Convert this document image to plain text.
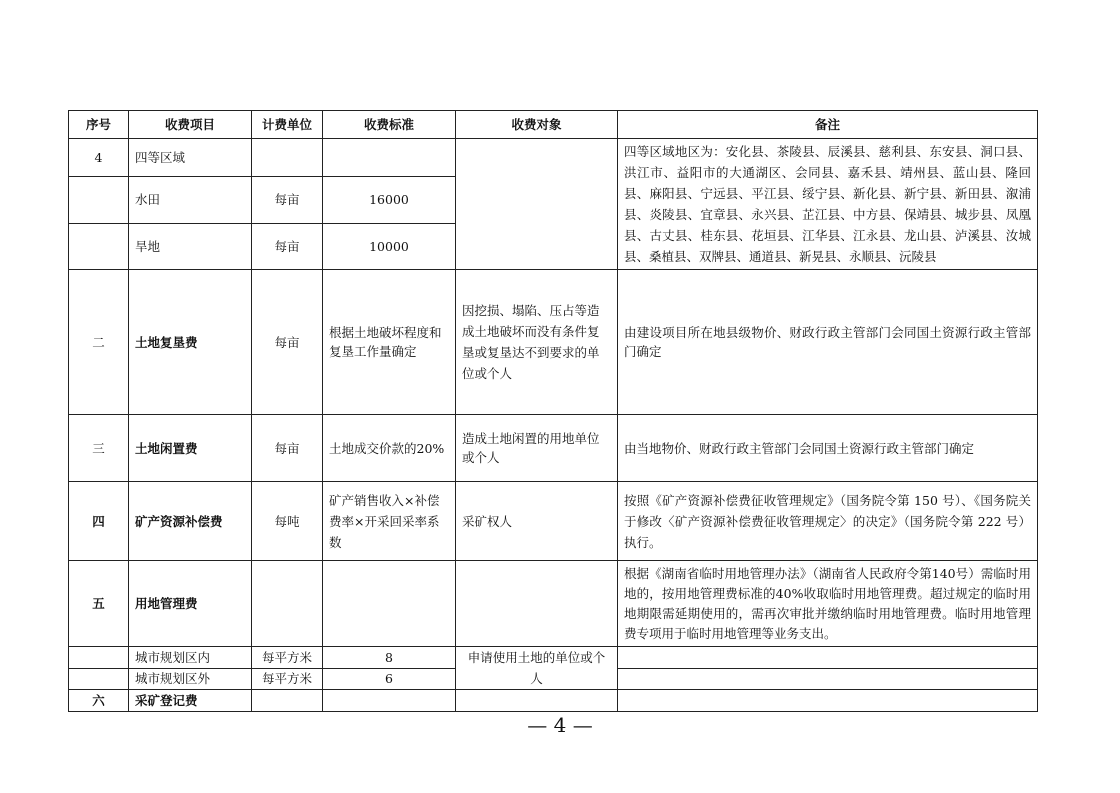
序号	收费项目	计费单位	收费标准	收费对象	备注
4	四等区域				四等区域地区为：安化县、茶陵县、辰溪县、慈利县、东安县、洞口县、洪江市、益阳市的大通湖区、会同县、嘉禾县、靖州县、蓝山县、隆回县、麻阳县、宁远县、平江县、绥宁县、新化县、新宁县、新田县、溆浦县、炎陵县、宜章县、永兴县、芷江县、中方县、保靖县、城步县、凤凰县、古丈县、桂东县、花垣县、江华县、江永县、龙山县、泸溪县、汝城县、桑植县、双牌县、通道县、新晃县、永顺县、沅陵县
	水田	每亩	16000		
	旱地	每亩	10000		
二	土地复垦费	每亩	根据土地破坏程度和复垦工作量确定	因挖损、塌陷、压占等造成土地破坏而没有条件复垦或复垦达不到要求的单位或个人	由建设项目所在地县级物价、财政行政主管部门会同国土资源行政主管部门确定
三	土地闲置费	每亩	土地成交价款的20%	造成土地闲置的用地单位或个人	由当地物价、财政行政主管部门会同国土资源行政主管部门确定
四	矿产资源补偿费	每吨	矿产销售收入×补偿费率×开采回采率系数	采矿权人	按照《矿产资源补偿费征收管理规定》（国务院令第 150 号）、《国务院关于修改〈矿产资源补偿费征收管理规定〉的决定》（国务院令第 222 号）执行。
五	用地管理费				根据《湖南省临时用地管理办法》（湖南省人民政府令第140号）需临时用地的，按用地管理费标准的40%收取临时用地管理费。超过规定的临时用地期限需延期使用的，需再次审批并缴纳临时用地管理费。临时用地管理费专项用于临时用地管理等业务支出。
	城市规划区内	每平方米	8	申请使用土地的单位或个人	
	城市规划区外	每平方米	6		
六	采矿登记费				
— 4 —
